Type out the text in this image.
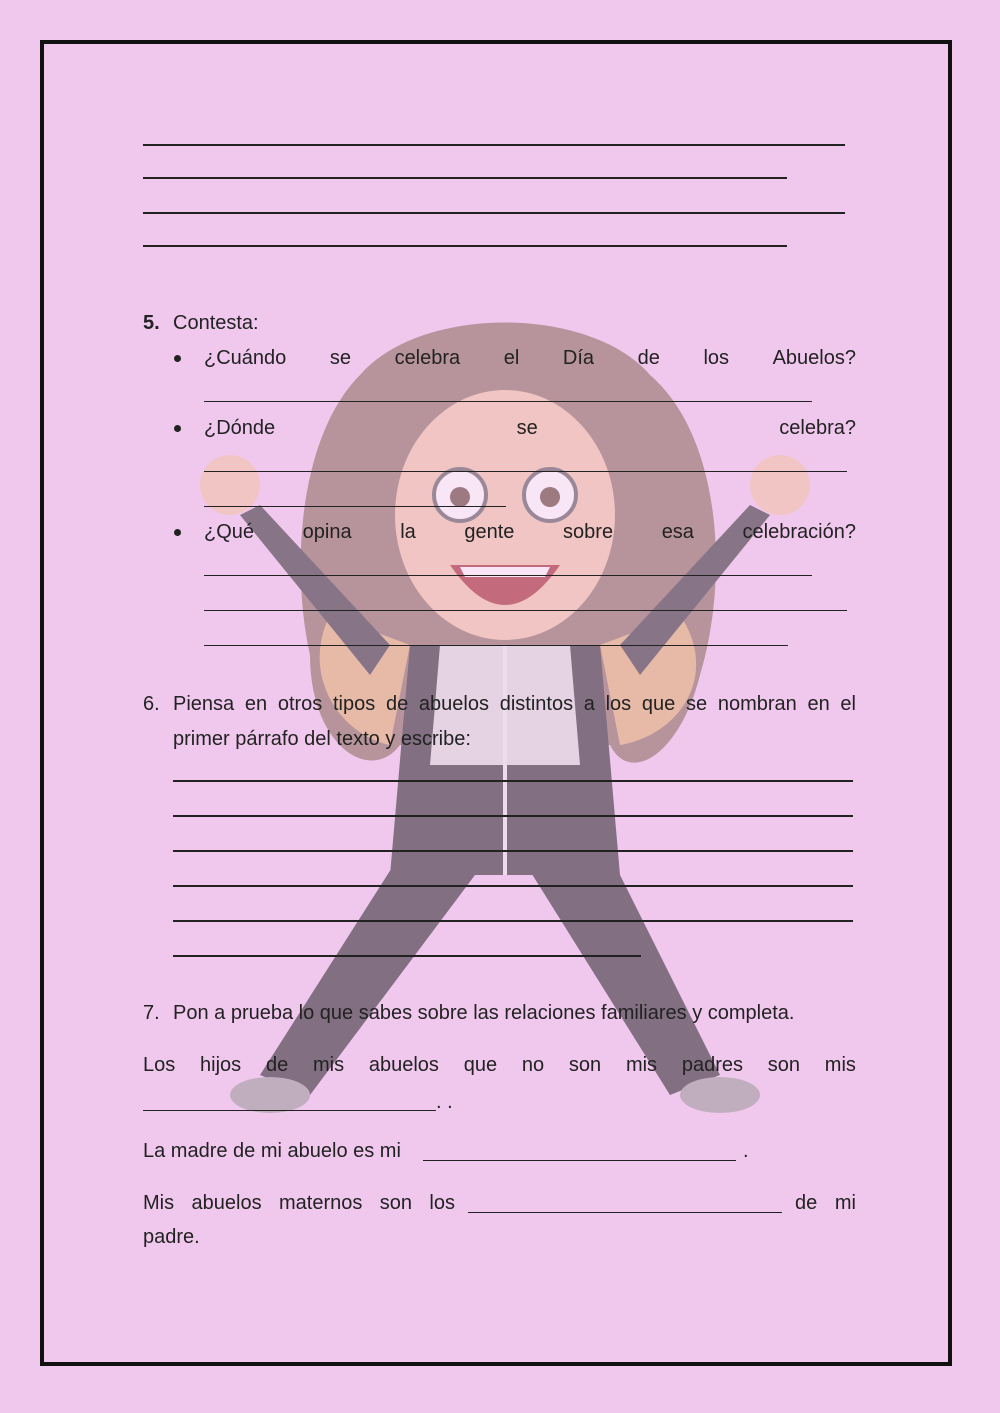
5. Contesta:
¿Cuándo se celebra el Día de los Abuelos?
¿Dónde	se	celebra?
¿Qué opina la gente sobre esa celebración?
6. Piensa en otros tipos de abuelos distintos a los que se nombran en el
primer párrafo del texto y escribe:
7. Pon a prueba lo que sabes sobre las relaciones familiares y completa.
Los hijos de mis abuelos que no son mis padres son mis
. .
La madre de mi abuelo es mi	.
Mis abuelos maternos son los	de mi
padre.
